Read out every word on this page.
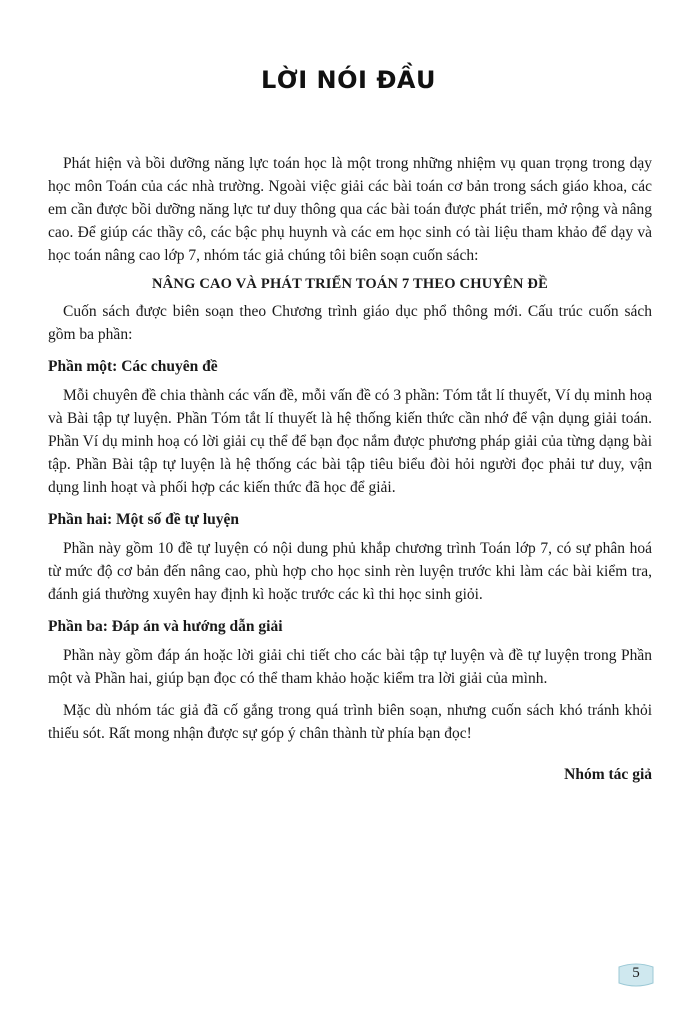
LỜI NÓI ĐẦU

Phát hiện và bồi dưỡng năng lực toán học là một trong những nhiệm vụ quan trọng trong dạy học môn Toán của các nhà trường. Ngoài việc giải các bài toán cơ bản trong sách giáo khoa, các em cần được bồi dưỡng năng lực tư duy thông qua các bài toán được phát triển, mở rộng và nâng cao. Để giúp các thầy cô, các bậc phụ huynh và các em học sinh có tài liệu tham khảo để dạy và học toán nâng cao lớp 7, nhóm tác giả chúng tôi biên soạn cuốn sách:

NÂNG CAO VÀ PHÁT TRIỂN TOÁN 7 THEO CHUYÊN ĐỀ

Cuốn sách được biên soạn theo Chương trình giáo dục phổ thông mới. Cấu trúc cuốn sách gồm ba phần:

Phần một: Các chuyên đề

Mỗi chuyên đề chia thành các vấn đề, mỗi vấn đề có 3 phần: Tóm tắt lí thuyết, Ví dụ minh hoạ và Bài tập tự luyện. Phần Tóm tắt lí thuyết là hệ thống kiến thức cần nhớ để vận dụng giải toán. Phần Ví dụ minh hoạ có lời giải cụ thể để bạn đọc nắm được phương pháp giải của từng dạng bài tập. Phần Bài tập tự luyện là hệ thống các bài tập tiêu biểu đòi hỏi người đọc phải tư duy, vận dụng linh hoạt và phối hợp các kiến thức đã học để giải.

Phần hai: Một số đề tự luyện

Phần này gồm 10 đề tự luyện có nội dung phủ khắp chương trình Toán lớp 7, có sự phân hoá từ mức độ cơ bản đến nâng cao, phù hợp cho học sinh rèn luyện trước khi làm các bài kiểm tra, đánh giá thường xuyên hay định kì hoặc trước các kì thi học sinh giỏi.

Phần ba: Đáp án và hướng dẫn giải

Phần này gồm đáp án hoặc lời giải chi tiết cho các bài tập tự luyện và đề tự luyện trong Phần một và Phần hai, giúp bạn đọc có thể tham khảo hoặc kiểm tra lời giải của mình.

Mặc dù nhóm tác giả đã cố gắng trong quá trình biên soạn, nhưng cuốn sách khó tránh khỏi thiếu sót. Rất mong nhận được sự góp ý chân thành từ phía bạn đọc!

Nhóm tác giả

5
